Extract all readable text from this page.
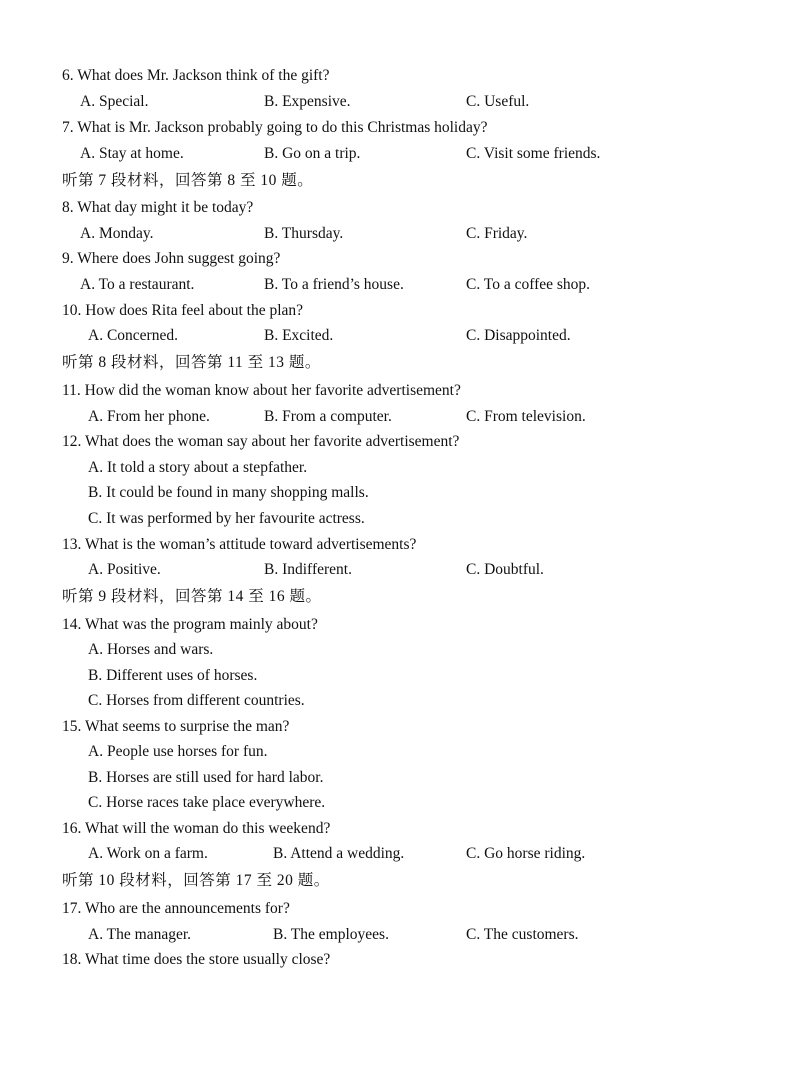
6. What does Mr. Jackson think of the gift?
A. Special.	B. Expensive.	C. Useful.
7. What is Mr. Jackson probably going to do this Christmas holiday?
A. Stay at home.	B. Go on a trip.	C. Visit some friends.
听第 7 段材料，回答第 8 至 10 题。
8. What day might it be today?
A. Monday.	B. Thursday.	C. Friday.
9. Where does John suggest going?
A. To a restaurant.	B. To a friend’s house.	C. To a coffee shop.
10. How does Rita feel about the plan?
A. Concerned.	B. Excited.	C. Disappointed.
听第 8 段材料，回答第 11 至 13 题。
11. How did the woman know about her favorite advertisement?
A. From her phone.	B. From a computer.	C. From television.
12. What does the woman say about her favorite advertisement?
A. It told a story about a stepfather.
B. It could be found in many shopping malls.
C. It was performed by her favourite actress.
13. What is the woman’s attitude toward advertisements?
A. Positive.	B. Indifferent.	C. Doubtful.
听第 9 段材料，回答第 14 至 16 题。
14. What was the program mainly about?
A. Horses and wars.
B. Different uses of horses.
C. Horses from different countries.
15. What seems to surprise the man?
A. People use horses for fun.
B. Horses are still used for hard labor.
C. Horse races take place everywhere.
16. What will the woman do this weekend?
A. Work on a farm.	B. Attend a wedding.	C. Go horse riding.
听第 10 段材料，回答第 17 至 20 题。
17. Who are the announcements for?
A. The manager.	B. The employees.	C. The customers.
18. What time does the store usually close?
